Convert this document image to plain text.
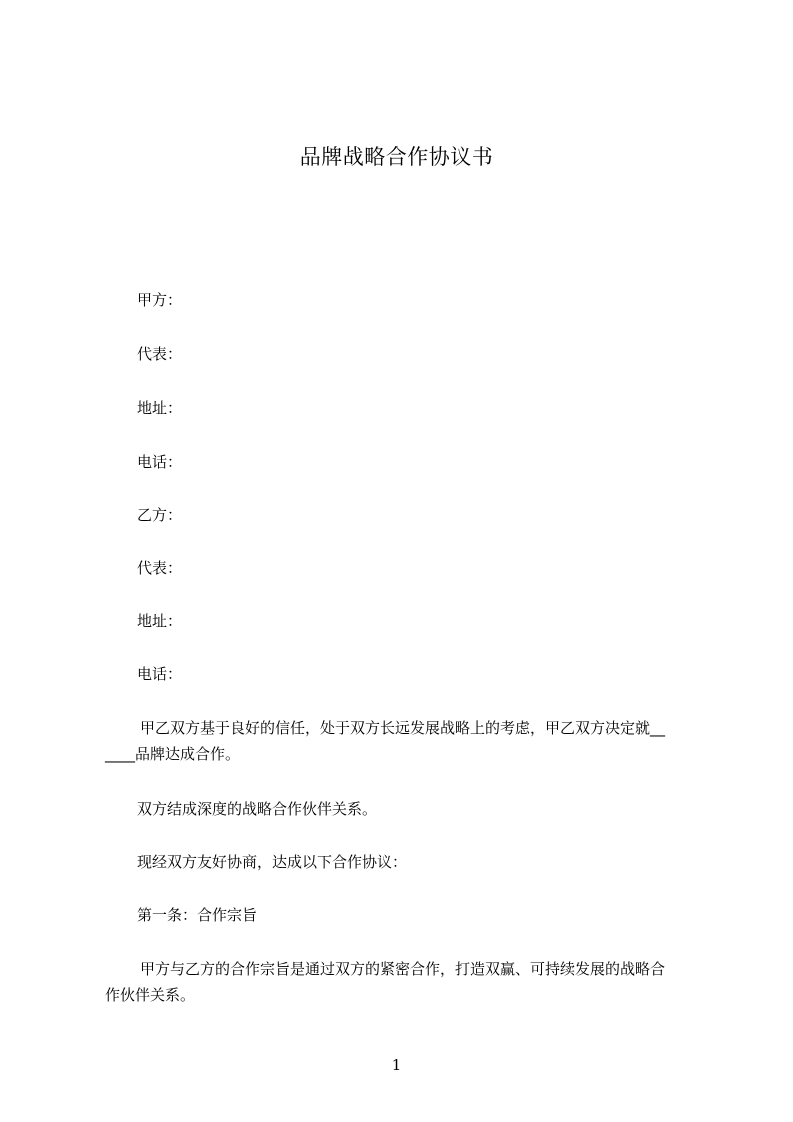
品牌战略合作协议书
甲方：
代表：
地址：
电话：
乙方：
代表：
地址：
电话：
甲乙双方基于良好的信任，处于双方长远发展战略上的考虑，甲乙双方决定就__
____品牌达成合作。
双方结成深度的战略合作伙伴关系。
现经双方友好协商，达成以下合作协议：
第一条：合作宗旨
甲方与乙方的合作宗旨是通过双方的紧密合作，打造双赢、可持续发展的战略合
作伙伴关系。
1
